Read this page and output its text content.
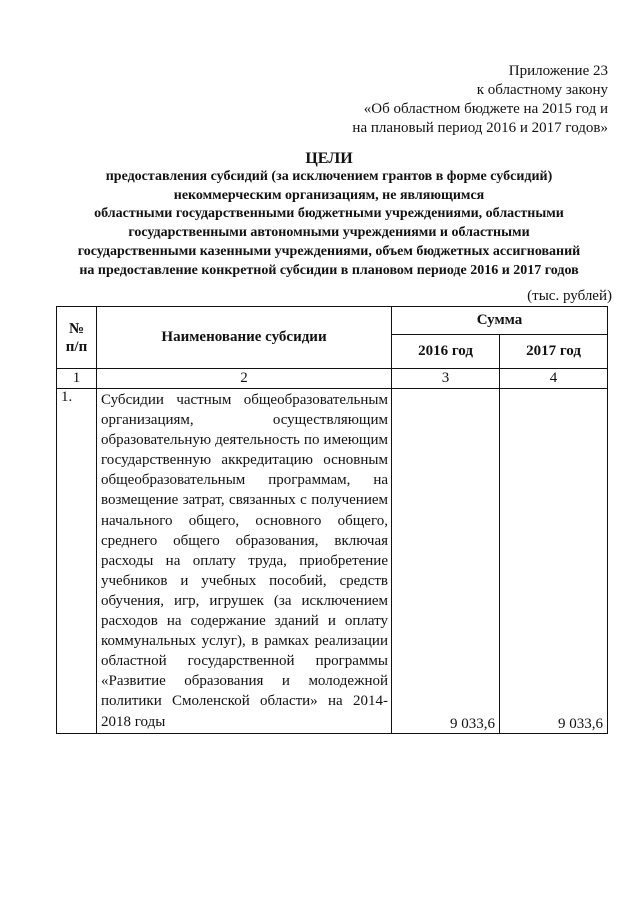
Приложение 23
к областному закону
«Об областном бюджете на 2015 год и
на плановый период 2016 и 2017 годов»
ЦЕЛИ
предоставления субсидий (за исключением грантов в форме субсидий)
некоммерческим организациям, не являющимся
областными государственными бюджетными учреждениями, областными
государственными автономными учреждениями и областными
государственными казенными учреждениями, объем бюджетных ассигнований
на предоставление конкретной субсидии в плановом периоде 2016 и 2017 годов
(тыс. рублей)
№
п/п	Наименование субсидии	Сумма	
		2016 год	2017 год
1	2	3	4
1.	Субсидии частным общеобразовательным организациям, осуществляющим образовательную деятельность по имеющим государственную аккредитацию основным общеобразовательным программам, на возмещение затрат, связанных с получением начального общего, основного общего, среднего общего образования, включая расходы на оплату труда, приобретение учебников и учебных пособий, средств обучения, игр, игрушек (за исключением расходов на содержание зданий и оплату коммунальных услуг), в рамках реализации областной государственной программы «Развитие образования и молодежной политики Смоленской области» на 2014-2018 годы	9 033,6	9 033,6
